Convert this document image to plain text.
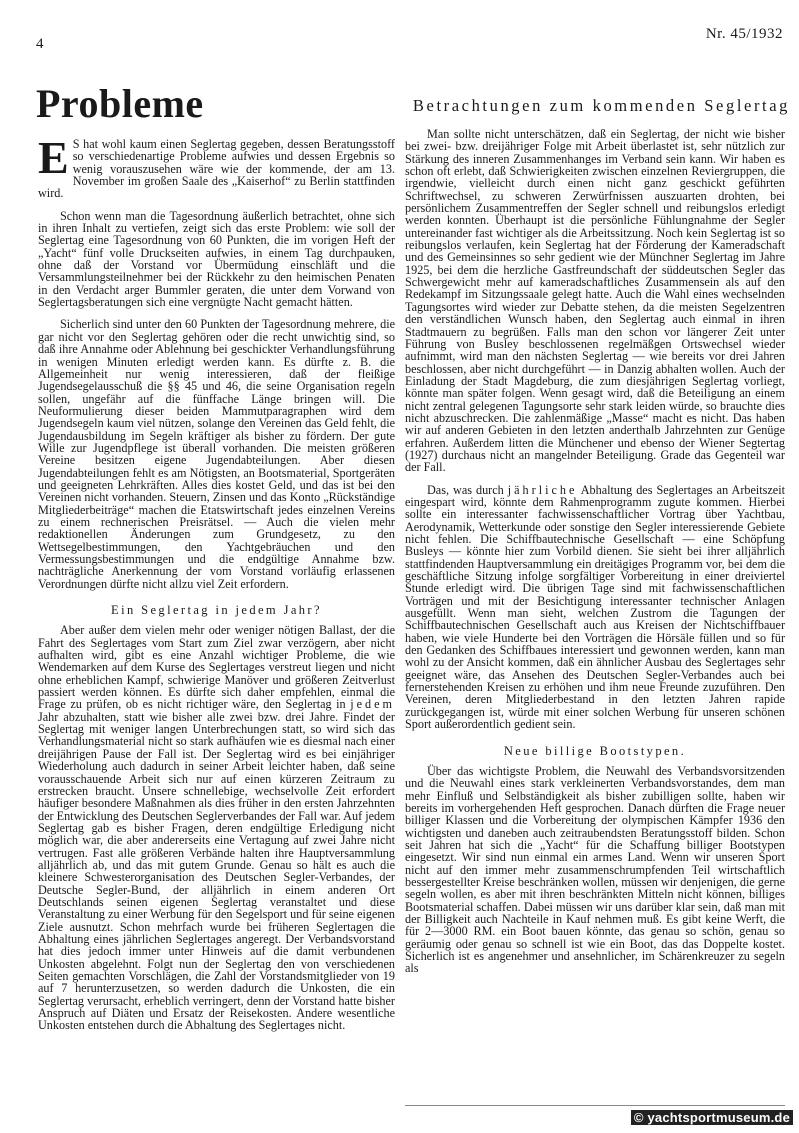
4
Nr. 45/1932
Probleme	Betrachtungen zum kommenden Seglertag

E S hat wohl kaum einen Seglertag gegeben, dessen Beratungsstoff so verschiedenartige Probleme aufwies und dessen Ergebnis so wenig vorauszusehen wäre wie der kommende, der am 13. November im großen Saale des „Kaiserhof“ zu Berlin stattfinden wird.

Schon wenn man die Tagesordnung äußerlich betrachtet, ohne sich in ihren Inhalt zu vertiefen, zeigt sich das erste Problem: wie soll der Seglertag eine Tagesordnung von 60 Punkten, die im vorigen Heft der „Yacht“ fünf volle Druckseiten aufwies, in einem Tag durchpauken, ohne daß der Vorstand vor Übermüdung einschläft und die Versammlungsteilnehmer bei der Rückkehr zu den heimischen Penaten in den Verdacht arger Bummler geraten, die unter dem Vorwand von Seglertagsberatungen sich eine vergnügte Nacht gemacht hätten.

Sicherlich sind unter den 60 Punkten der Tagesordnung mehrere, die gar nicht vor den Seglertag gehören oder die recht unwichtig sind, so daß ihre Annahme oder Ablehnung bei geschickter Verhandlungsführung in wenigen Minuten erledigt werden kann. Es dürfte z. B. die Allgemeinheit nur wenig interessieren, daß der fleißige Jugendsegelausschuß die §§ 45 und 46, die seine Organisation regeln sollen, ungefähr auf die fünffache Länge bringen will. Die Neuformulierung dieser beiden Mammutparagraphen wird dem Jugendsegeln kaum viel nützen, solange den Vereinen das Geld fehlt, die Jugendausbildung im Segeln kräftiger als bisher zu fördern. Der gute Wille zur Jugendpflege ist überall vorhanden. Die meisten größeren Vereine besitzen eigene Jugendabteilungen. Aber diesen Jugendabteilungen fehlt es am Nötigsten, an Bootsmaterial, Sportgeräten und geeigneten Lehrkräften. Alles dies kostet Geld, und das ist bei den Vereinen nicht vorhanden. Steuern, Zinsen und das Konto „Rückständige Mitgliederbeiträge“ machen die Etatswirtschaft jedes einzelnen Vereins zu einem rechnerischen Preisrätsel. — Auch die vielen mehr redaktionellen Änderungen zum Grundgesetz, zu den Wettsegelbestimmungen, den Yachtgebräuchen und den Vermessungsbestimmungen und die endgültige Annahme bzw. nachträgliche Anerkennung der vom Vorstand vorläufig erlassenen Verordnungen dürfte nicht allzu viel Zeit erfordern.

Ein Seglertag in jedem Jahr?

Aber außer dem vielen mehr oder weniger nötigen Ballast, der die Fahrt des Seglertages vom Start zum Ziel zwar verzögern, aber nicht aufhalten wird, gibt es eine Anzahl wichtiger Probleme, die wie Wendemarken auf dem Kurse des Seglertages verstreut liegen und nicht ohne erheblichen Kampf, schwierige Manöver und größeren Zeitverlust passiert werden können. Es dürfte sich daher empfehlen, einmal die Frage zu prüfen, ob es nicht richtiger wäre, den Seglertag in jedem Jahr abzuhalten, statt wie bisher alle zwei bzw. drei Jahre. Findet der Seglertag mit weniger langen Unterbrechungen statt, so wird sich das Verhandlungsmaterial nicht so stark aufhäufen wie es diesmal nach einer dreijährigen Pause der Fall ist. Der Seglertag wird es bei einjähriger Wiederholung auch dadurch in seiner Arbeit leichter haben, daß seine vorausschauende Arbeit sich nur auf einen kürzeren Zeitraum zu erstrecken braucht. Unsere schnellebige, wechselvolle Zeit erfordert häufiger besondere Maßnahmen als dies früher in den ersten Jahrzehnten der Entwicklung des Deutschen Seglerverbandes der Fall war. Auf jedem Seglertag gab es bisher Fragen, deren endgültige Erledigung nicht möglich war, die aber andererseits eine Vertagung auf zwei Jahre nicht vertrugen. Fast alle größeren Verbände halten ihre Hauptversammlung alljährlich ab, und das mit gutem Grunde. Genau so hält es auch die kleinere Schwesterorganisation des Deutschen Segler-Verbandes, der Deutsche Segler-Bund, der alljährlich in einem anderen Ort Deutschlands seinen eigenen Seglertag veranstaltet und diese Veranstaltung zu einer Werbung für den Segelsport und für seine eigenen Ziele ausnutzt. Schon mehrfach wurde bei früheren Seglertagen die Abhaltung eines jährlichen Seglertages angeregt. Der Verbandsvorstand hat dies jedoch immer unter Hinweis auf die damit verbundenen Unkosten abgelehnt. Folgt nun der Seglertag den von verschiedenen Seiten gemachten Vorschlägen, die Zahl der Vorstandsmitglieder von 19 auf 7 herunterzusetzen, so werden dadurch die Unkosten, die ein Seglertag verursacht, erheblich verringert, denn der Vorstand hatte bisher Anspruch auf Diäten und Ersatz der Reisekosten. Andere wesentliche Unkosten entstehen durch die Abhaltung des Seglertages nicht.

Man sollte nicht unterschätzen, daß ein Seglertag, der nicht wie bisher bei zwei- bzw. dreijähriger Folge mit Arbeit überlastet ist, sehr nützlich zur Stärkung des inneren Zusammenhanges im Verband sein kann. Wir haben es schon oft erlebt, daß Schwierigkeiten zwischen einzelnen Reviergruppen, die irgendwie, vielleicht durch einen nicht ganz geschickt geführten Schriftwechsel, zu schweren Zerwürfnissen auszuarten drohten, bei persönlichem Zusammentreffen der Segler schnell und reibungslos erledigt werden konnten. Überhaupt ist die persönliche Fühlungnahme der Segler untereinander fast wichtiger als die Arbeitssitzung. Noch kein Seglertag ist so reibungslos verlaufen, kein Seglertag hat der Förderung der Kameradschaft und des Gemeinsinnes so sehr gedient wie der Münchner Seglertag im Jahre 1925, bei dem die herzliche Gastfreundschaft der süddeutschen Segler das Schwergewicht mehr auf kameradschaftliches Zusammensein als auf den Redekampf im Sitzungssaale gelegt hatte. Auch die Wahl eines wechselnden Tagungsortes wird wieder zur Debatte stehen, da die meisten Segelzentren den verständlichen Wunsch haben, den Seglertag auch einmal in ihren Stadtmauern zu begrüßen. Falls man den schon vor längerer Zeit unter Führung von Busley beschlossenen regelmäßgen Ortswechsel wieder aufnimmt, wird man den nächsten Seglertag — wie bereits vor drei Jahren beschlossen, aber nicht durchgeführt — in Danzig abhalten wollen. Auch der Einladung der Stadt Magdeburg, die zum diesjährigen Seglertag vorliegt, könnte man später folgen. Wenn gesagt wird, daß die Beteiligung an einem nicht zentral gelegenen Tagungsorte sehr stark leiden würde, so brauchte dies nicht abzuschrecken. Die zahlenmäßige „Masse“ macht es nicht. Das haben wir auf anderen Gebieten in den letzten anderthalb Jahrzehnten zur Genüge erfahren. Außerdem litten die Münchener und ebenso der Wiener Segtertag (1927) durchaus nicht an mangelnder Beteiligung. Grade das Gegenteil war der Fall.

Das, was durch jährliche Abhaltung des Seglertages an Arbeitszeit eingespart wird, könnte dem Rahmenprogramm zugute kommen. Hierbei sollte ein interessanter fachwissenschaftlicher Vortrag über Yachtbau, Aerodynamik, Wetterkunde oder sonstige den Segler interessierende Gebiete nicht fehlen. Die Schiffbautechnische Gesellschaft — eine Schöpfung Busleys — könnte hier zum Vorbild dienen. Sie sieht bei ihrer alljährlich stattfindenden Hauptversammlung ein dreitägiges Programm vor, bei dem die geschäftliche Sitzung infolge sorgfältiger Vorbereitung in einer dreiviertel Stunde erledigt wird. Die übrigen Tage sind mit fachwissenschaftlichen Vorträgen und mit der Besichtigung interessanter technischer Anlagen ausgefüllt. Wenn man sieht, welchen Zustrom die Tagungen der Schiffbautechnischen Gesellschaft auch aus Kreisen der Nichtschiffbauer haben, wie viele Hunderte bei den Vorträgen die Hörsäle füllen und so für den Gedanken des Schiffbaues interessiert und gewonnen werden, kann man wohl zu der Ansicht kommen, daß ein ähnlicher Ausbau des Seglertages sehr geeignet wäre, das Ansehen des Deutschen Segler-Verbandes auch bei fernerstehenden Kreisen zu erhöhen und ihm neue Freunde zuzuführen. Den Vereinen, deren Mitgliederbestand in den letzten Jahren rapide zurückgegangen ist, würde mit einer solchen Werbung für unseren schönen Sport außerordentlich gedient sein.

Neue billige Bootstypen.

Über das wichtigste Problem, die Neuwahl des Verbandsvorsitzenden und die Neuwahl eines stark verkleinerten Verbandsvorstandes, dem man mehr Einfluß und Selbständigkeit als bisher zubilligen sollte, haben wir bereits im vorhergehenden Heft gesprochen. Danach dürften die Frage neuer billiger Klassen und die Vorbereitung der olympischen Kämpfer 1936 den wichtigsten und daneben auch zeitraubendsten Beratungsstoff bilden. Schon seit Jahren hat sich die „Yacht“ für die Schaffung billiger Bootstypen eingesetzt. Wir sind nun einmal ein armes Land. Wenn wir unseren Sport nicht auf den immer mehr zusammenschrumpfenden Teil wirtschaftlich bessergestellter Kreise beschränken wollen, müssen wir denjenigen, die gerne segeln wollen, es aber mit ihren beschränkten Mitteln nicht können, billiges Bootsmaterial schaffen. Dabei müssen wir uns darüber klar sein, daß man mit der Billigkeit auch Nachteile in Kauf nehmen muß. Es gibt keine Werft, die für 2—3000 RM. ein Boot bauen könnte, das genau so schön, genau so geräumig oder genau so schnell ist wie ein Boot, das das Doppelte kostet. Sicherlich ist es angenehmer und ansehnlicher, im Schärenkreuzer zu segeln als

© yachtsportmuseum.de
